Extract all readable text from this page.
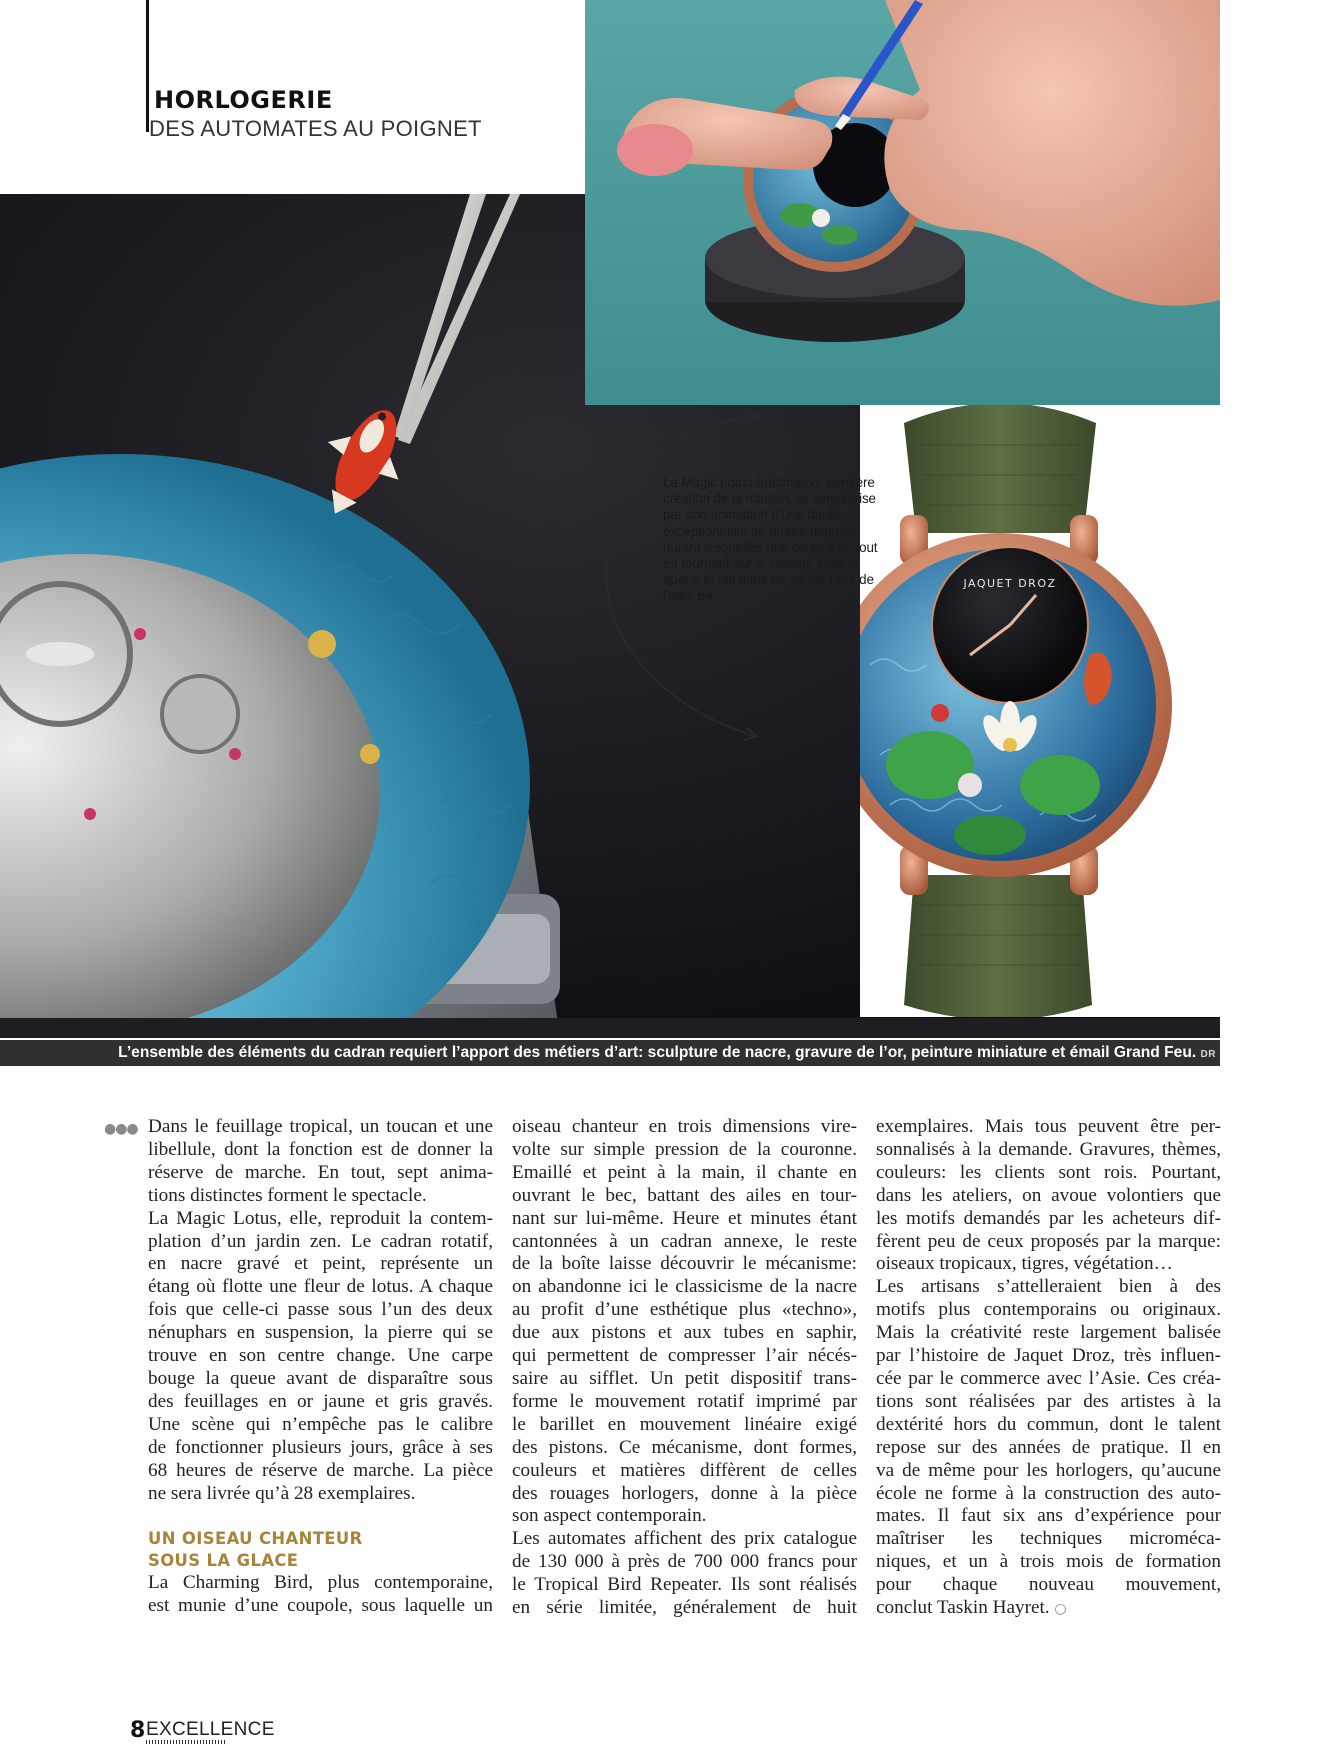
HORLOGERIE
DES AUTOMATES AU POIGNET
JAQUET DROZ
La Magic Lotus Automaton, dernière création de la maison, se singularise par son animation d’une durée exceptionnelle de quatre minutes, durant lesquelles une carpe Koï, tout en tournant sur le cadran, agite la queue et fait mine de sauter hors de l’eau. DR
L’ensemble des éléments du cadran requiert l’apport des métiers d’art: sculpture de nacre, gravure de l’or, peinture miniature et émail Grand Feu. DR
●●● Dans le feuillage tropical, un toucan et une

libellule, dont la fonction est de donner la

réserve de marche. En tout, sept anima-

tions distinctes forment le spectacle.

La Magic Lotus, elle, reproduit la contem-

plation d’un jardin zen. Le cadran rotatif,

en nacre gravé et peint, représente un

étang où flotte une fleur de lotus. A chaque

fois que celle-ci passe sous l’un des deux

nénuphars en suspension, la pierre qui se

trouve en son centre change. Une carpe

bouge la queue avant de disparaître sous

des feuillages en or jaune et gris gravés.

Une scène qui n’empêche pas le calibre

de fonctionner plusieurs jours, grâce à ses

68 heures de réserve de marche. La pièce

ne sera livrée qu’à 28 exemplaires.

UN OISEAU CHANTEUR
SOUS LA GLACE

La Charming Bird, plus contemporaine,

est munie d’une coupole, sous laquelle un

oiseau chanteur en trois dimensions vire-

volte sur simple pression de la couronne.

Emaillé et peint à la main, il chante en

ouvrant le bec, battant des ailes en tour-

nant sur lui-même. Heure et minutes étant

cantonnées à un cadran annexe, le reste

de la boîte laisse découvrir le mécanisme:

on abandonne ici le classicisme de la nacre

au profit d’une esthétique plus «techno»,

due aux pistons et aux tubes en saphir,

qui permettent de compresser l’air nécés-

saire au sifflet. Un petit dispositif trans-

forme le mouvement rotatif imprimé par

le barillet en mouvement linéaire exigé

des pistons. Ce mécanisme, dont formes,

couleurs et matières diffèrent de celles

des rouages horlogers, donne à la pièce

son aspect contemporain.

Les automates affichent des prix catalogue

de 130 000 à près de 700 000 francs pour

le Tropical Bird Repeater. Ils sont réalisés

en série limitée, généralement de huit

exemplaires. Mais tous peuvent être per-

sonnalisés à la demande. Gravures, thèmes,

couleurs: les clients sont rois. Pourtant,

dans les ateliers, on avoue volontiers que

les motifs demandés par les acheteurs dif-

fèrent peu de ceux proposés par la marque:

oiseaux tropicaux, tigres, végétation…

Les artisans s’attelleraient bien à des

motifs plus contemporains ou originaux.

Mais la créativité reste largement balisée

par l’histoire de Jaquet Droz, très influen-

cée par le commerce avec l’Asie. Ces créa-

tions sont réalisées par des artistes à la

dextérité hors du commun, dont le talent

repose sur des années de pratique. Il en

va de même pour les horlogers, qu’aucune

école ne forme à la construction des auto-

mates. Il faut six ans d’expérience pour

maîtriser les techniques micromécа-

niques, et un à trois mois de formation

pour chaque nouveau mouvement,

conclut Taskin Hayret. ○

8 EXCELLENCE
